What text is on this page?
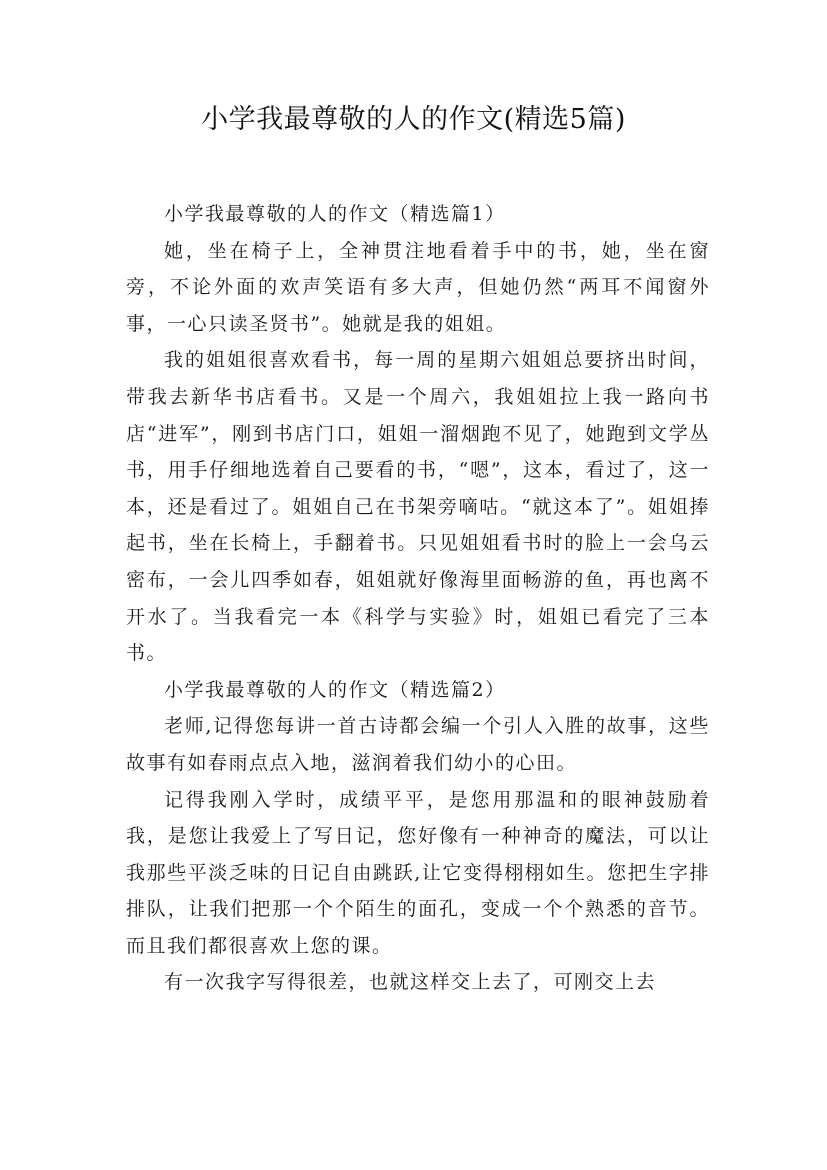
小学我最尊敬的人的作文(精选5篇)

小学我最尊敬的人的作文（精选篇1）

她，坐在椅子上，全神贯注地看着手中的书，她，坐在窗旁，不论外面的欢声笑语有多大声，但她仍然“两耳不闻窗外事，一心只读圣贤书”。她就是我的姐姐。

我的姐姐很喜欢看书，每一周的星期六姐姐总要挤出时间，带我去新华书店看书。又是一个周六，我姐姐拉上我一路向书店“进军”，刚到书店门口，姐姐一溜烟跑不见了，她跑到文学丛书，用手仔细地选着自己要看的书，“嗯”，这本，看过了，这一本，还是看过了。姐姐自己在书架旁嘀咕。“就这本了”。姐姐捧起书，坐在长椅上，手翻着书。只见姐姐看书时的脸上一会乌云密布，一会儿四季如春，姐姐就好像海里面畅游的鱼，再也离不开水了。当我看完一本《科学与实验》时，姐姐已看完了三本书。

小学我最尊敬的人的作文（精选篇2）

老师,记得您每讲一首古诗都会编一个引人入胜的故事，这些故事有如春雨点点入地，滋润着我们幼小的心田。

记得我刚入学时，成绩平平，是您用那温和的眼神鼓励着我，是您让我爱上了写日记，您好像有一种神奇的魔法，可以让我那些平淡乏味的日记自由跳跃,让它变得栩栩如生。您把生字排排队，让我们把那一个个陌生的面孔，变成一个个熟悉的音节。而且我们都很喜欢上您的课。

有一次我字写得很差，也就这样交上去了，可刚交上去
